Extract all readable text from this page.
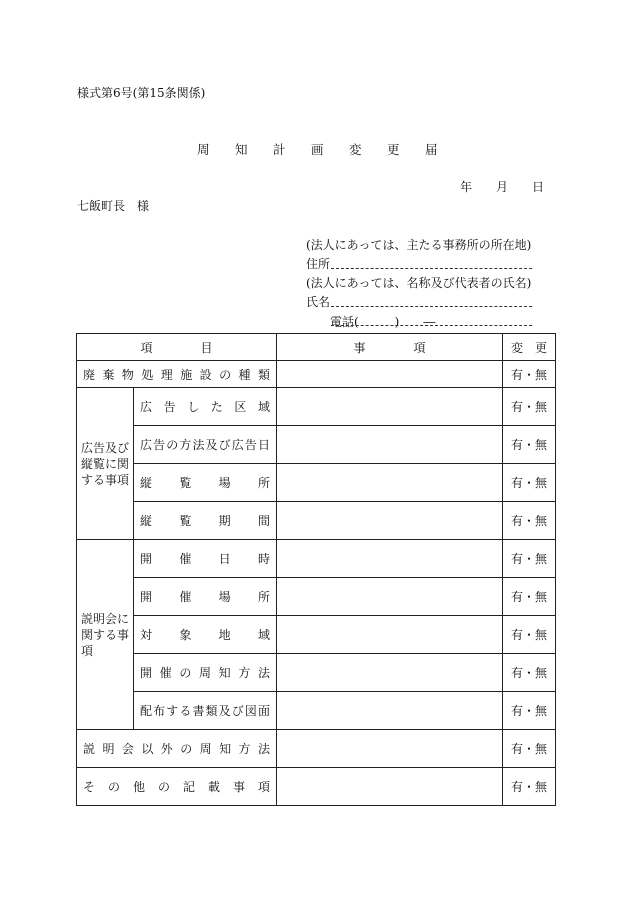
様式第6号(第15条関係)
周 知 計 画 変 更 届
年 月 日
七飯町長　様
(法人にあっては、主たる事務所の所在地)
住所
(法人にあっては、名称及び代表者の氏名)
氏名
電話(　　　)　　―
項　　　　目		事　　　　項	変　更
廃棄物処理施設の種類			有・無
広告及び縦覧に関する事項	広告した区域		有・無
	広告の方法及び広告日		有・無
	縦覧場所		有・無
	縦覧期間		有・無
説明会に関する事項	開催日時		有・無
	開催場所		有・無
	対象地域		有・無
	開催の周知方法		有・無
	配布する書類及び図面		有・無
説明会以外の周知方法			有・無
その他の記載事項			有・無
